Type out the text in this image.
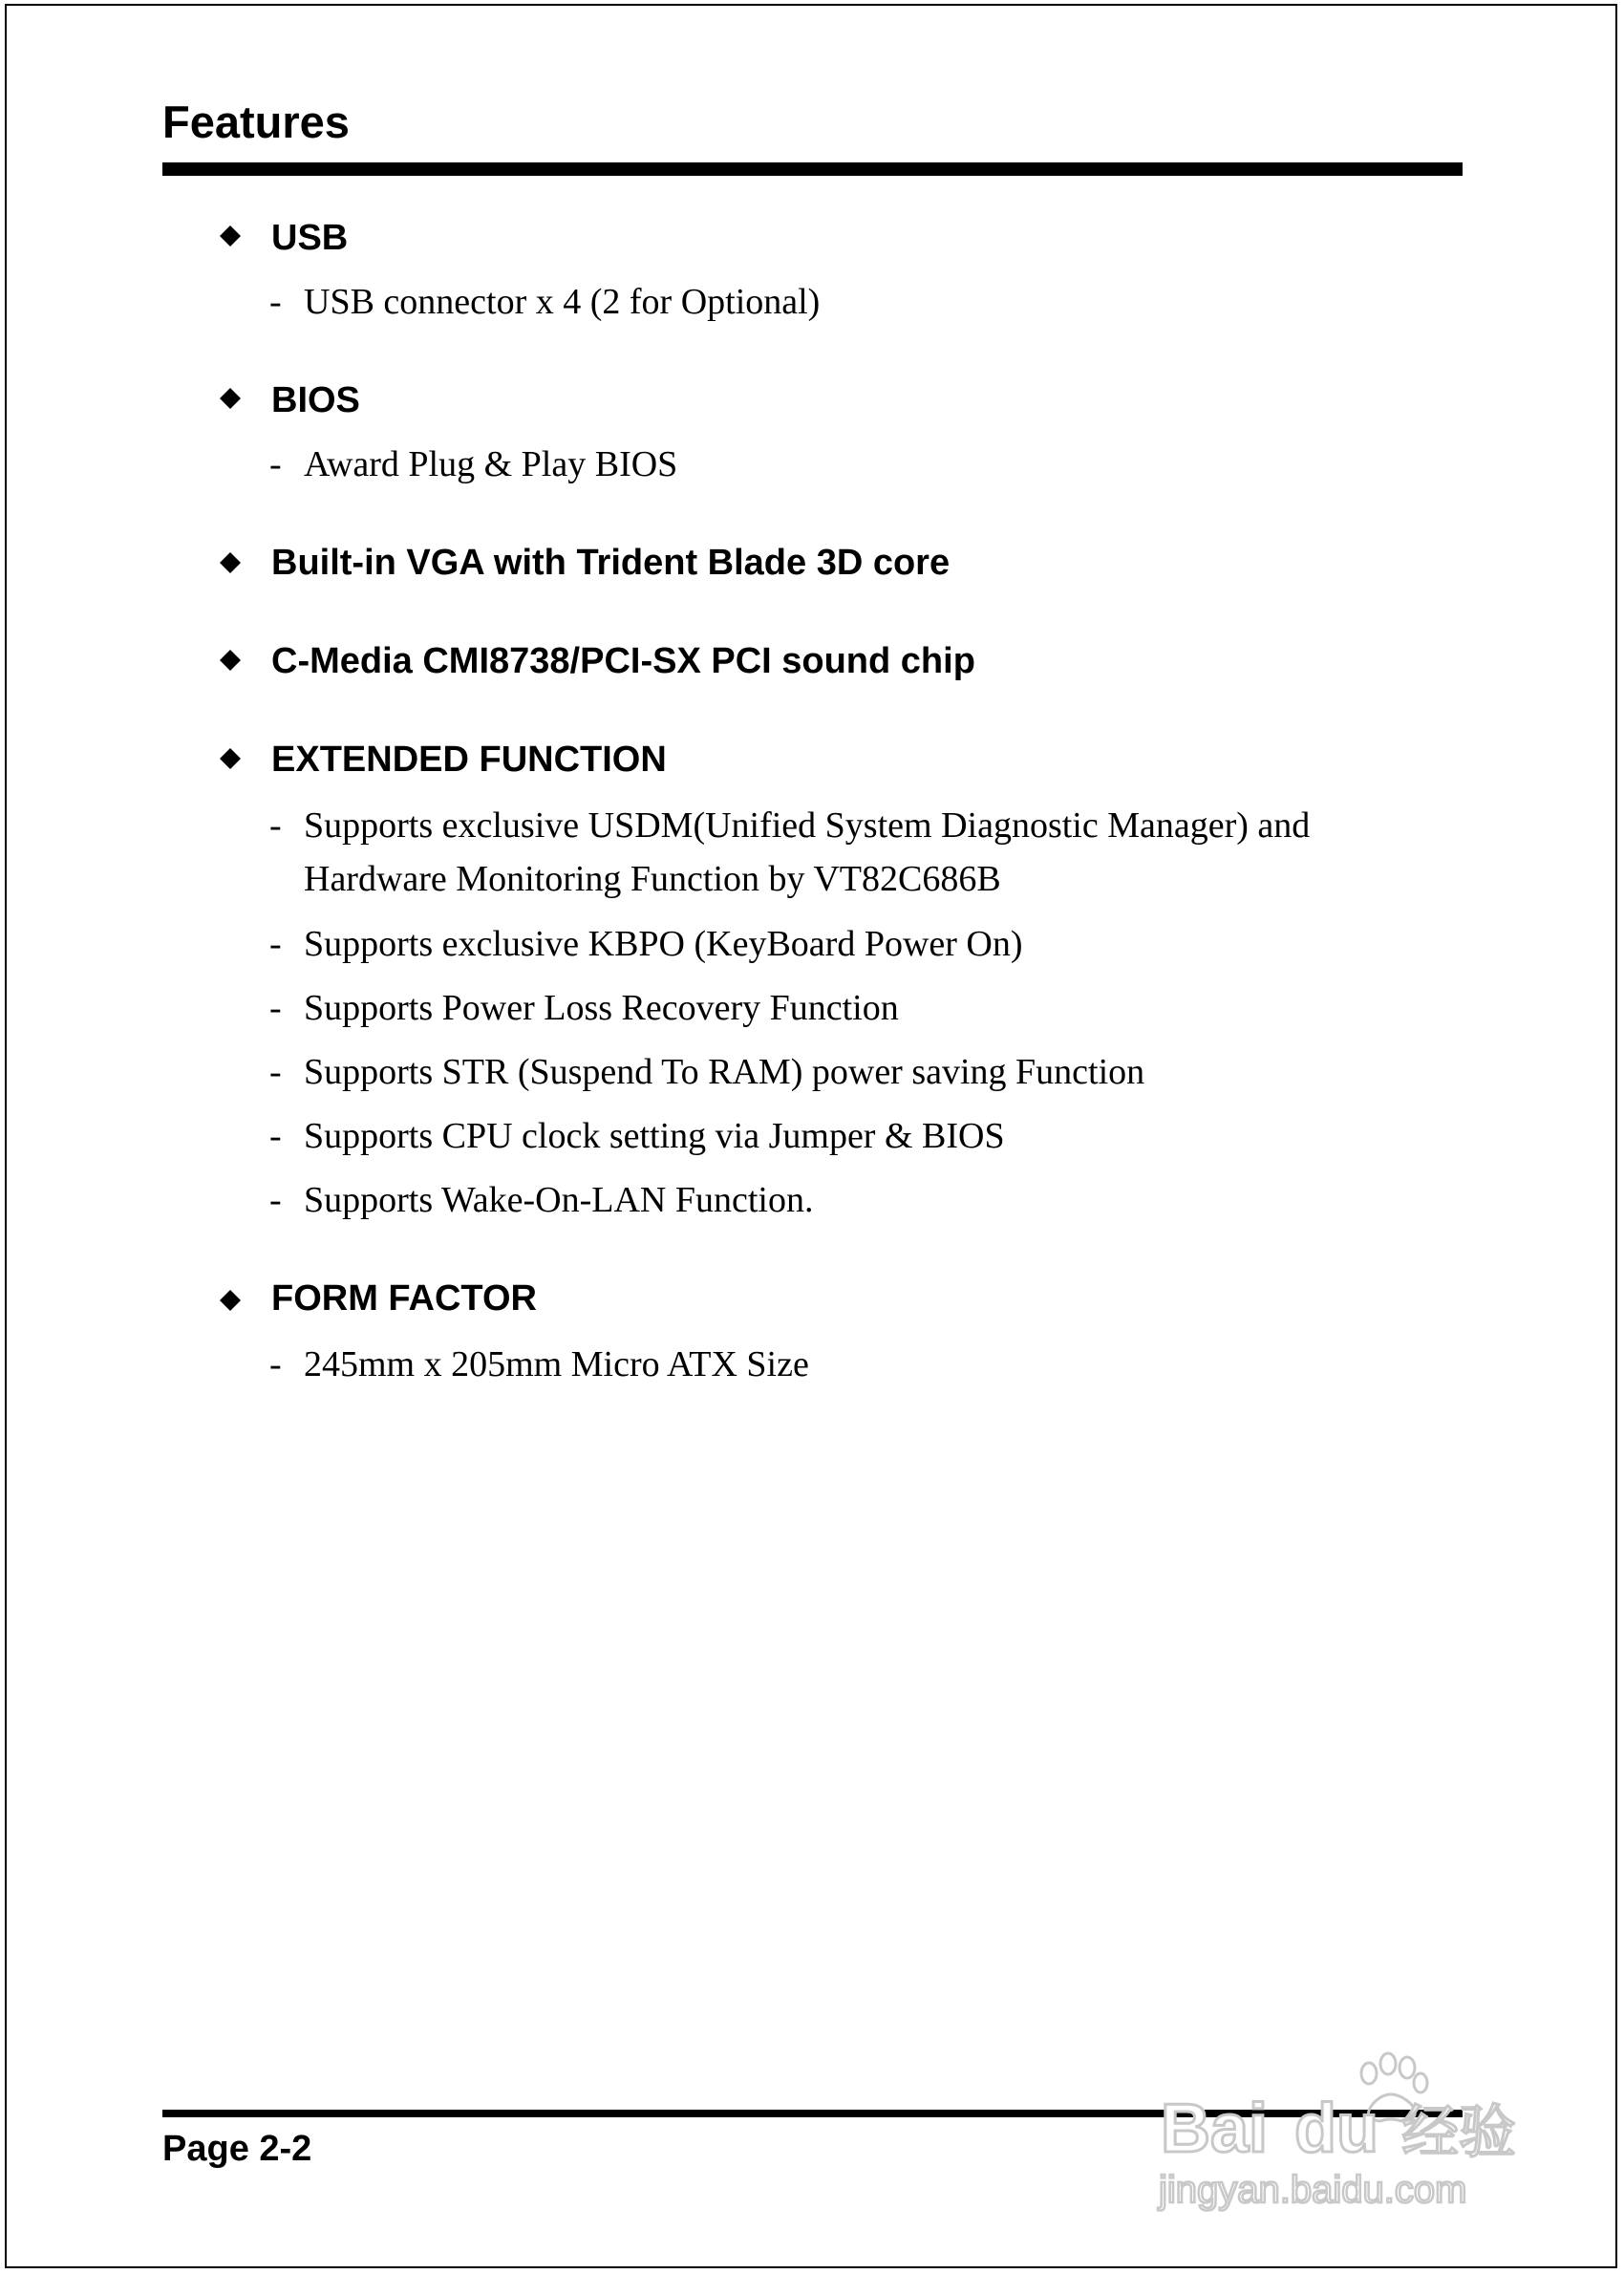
Features
USB
- USB connector x 4 (2 for Optional)
BIOS
- Award Plug & Play BIOS
Built-in VGA with Trident Blade 3D core
C-Media CMI8738/PCI-SX PCI sound chip
EXTENDED FUNCTION
- Supports exclusive USDM(Unified System Diagnostic Manager) and
Hardware Monitoring Function by VT82C686B
- Supports exclusive KBPO (KeyBoard Power On)
- Supports Power Loss Recovery Function
- Supports STR (Suspend To RAM) power saving Function
- Supports CPU clock setting via Jumper & BIOS
- Supports Wake-On-LAN Function.
FORM FACTOR
- 245mm x 205mm Micro ATX Size
Page 2-2	Bai du 经验
jingyan.baidu.com
